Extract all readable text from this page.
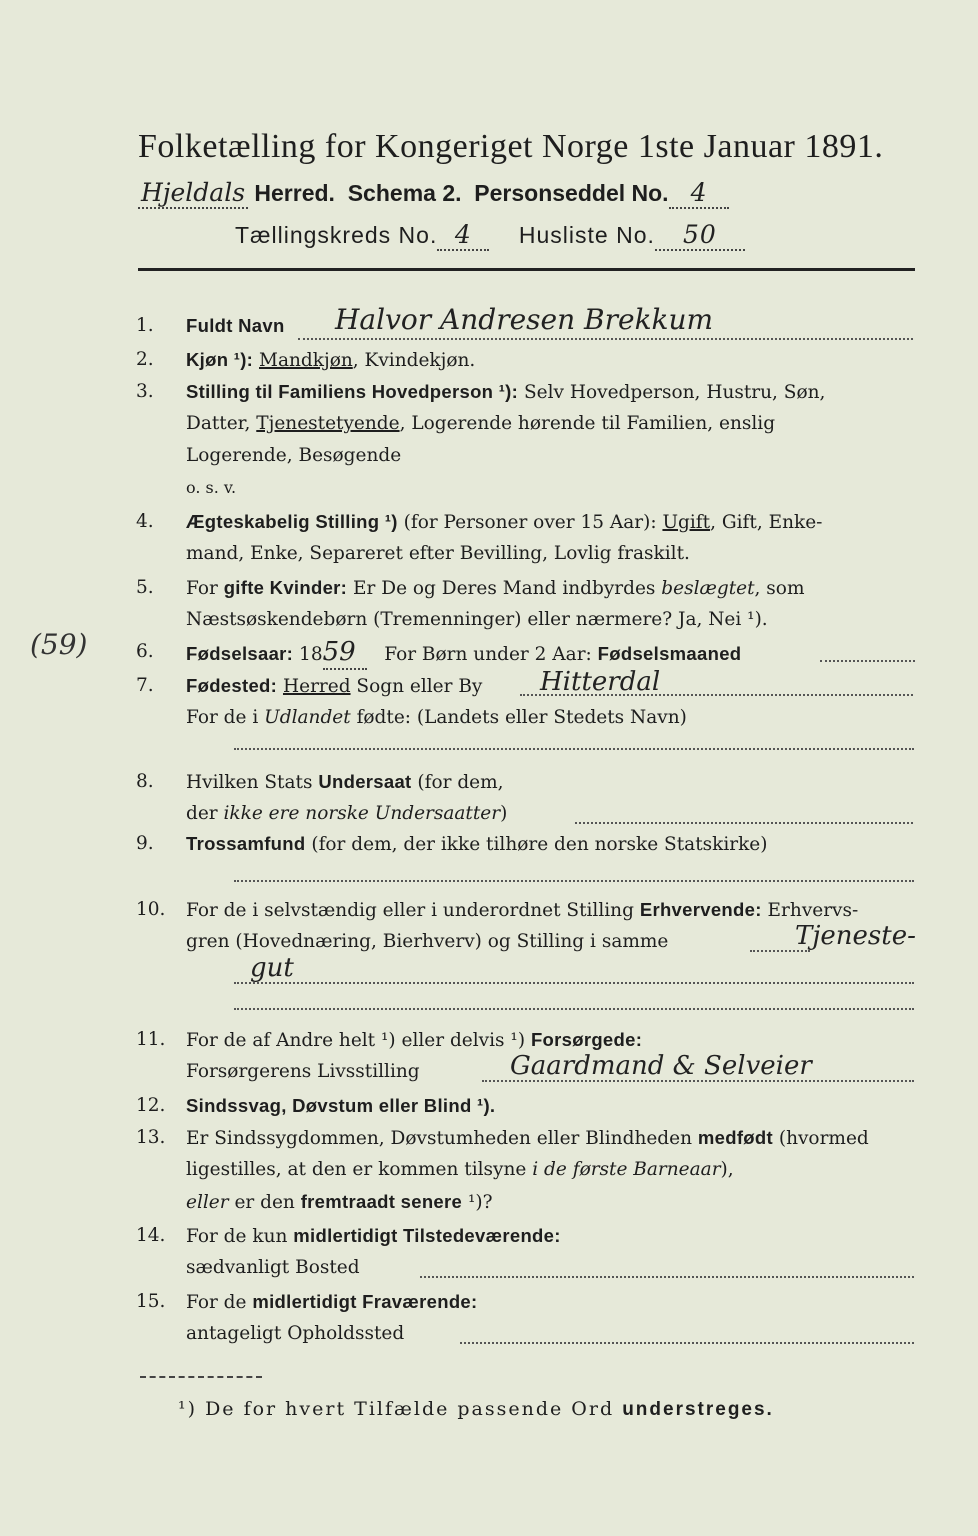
Folketælling for Kongeriget Norge 1ste Januar 1891.
Hjeldals Herred. Schema 2. Personseddel No. 4
Tællingskreds No. 4 Husliste No. 50
(59)
1.	Fuldt Navn Halvor Andresen Brekkum
2.	Kjøn ¹): Mandkjøn, Kvindekjøn.
3.	Stilling til Familiens Hovedperson ¹): Selv Hovedperson, Hustru, Søn,
Datter, Tjenestetyende, Logerende hørende til Familien, enslig
Logerende, Besøgende
o. s. v.
4.	Ægteskabelig Stilling ¹) (for Personer over 15 Aar): Ugift, Gift, Enke-
mand, Enke, Separeret efter Bevilling, Lovlig fraskilt.
5.	For gifte Kvinder: Er De og Deres Mand indbyrdes beslægtet, som
Næstsøskendebørn (Tremenninger) eller nærmere? Ja, Nei ¹).
6.	Fødselsaar: 1859 For Børn under 2 Aar: Fødselsmaaned
7.	Fødested: Herred Sogn eller By Hitterdal
For de i Udlandet fødte: (Landets eller Stedets Navn)
8.	Hvilken Stats Undersaat (for dem,
der ikke ere norske Undersaatter)
9.	Trossamfund (for dem, der ikke tilhøre den norske Statskirke)
10.	For de i selvstændig eller i underordnet Stilling Erhvervende: Erhvervs-
gren (Hovednæring, Bierhverv) og Stilling i samme	Tjeneste-
gut
11.	For de af Andre helt ¹) eller delvis ¹) Forsørgede:
Forsørgerens Livsstilling	Gaardmand & Selveier
12.	Sindssvag, Døvstum eller Blind ¹).
13.	Er Sindssygdommen, Døvstumheden eller Blindheden medfødt (hvormed
ligestilles, at den er kommen tilsyne i de første Barneaar),
eller er den fremtraadt senere ¹)?
14.	For de kun midlertidigt Tilstedeværende:
sædvanligt Bosted
15.	For de midlertidigt Fraværende:
antageligt Opholdssted
¹) De for hvert Tilfælde passende Ord understreges.
